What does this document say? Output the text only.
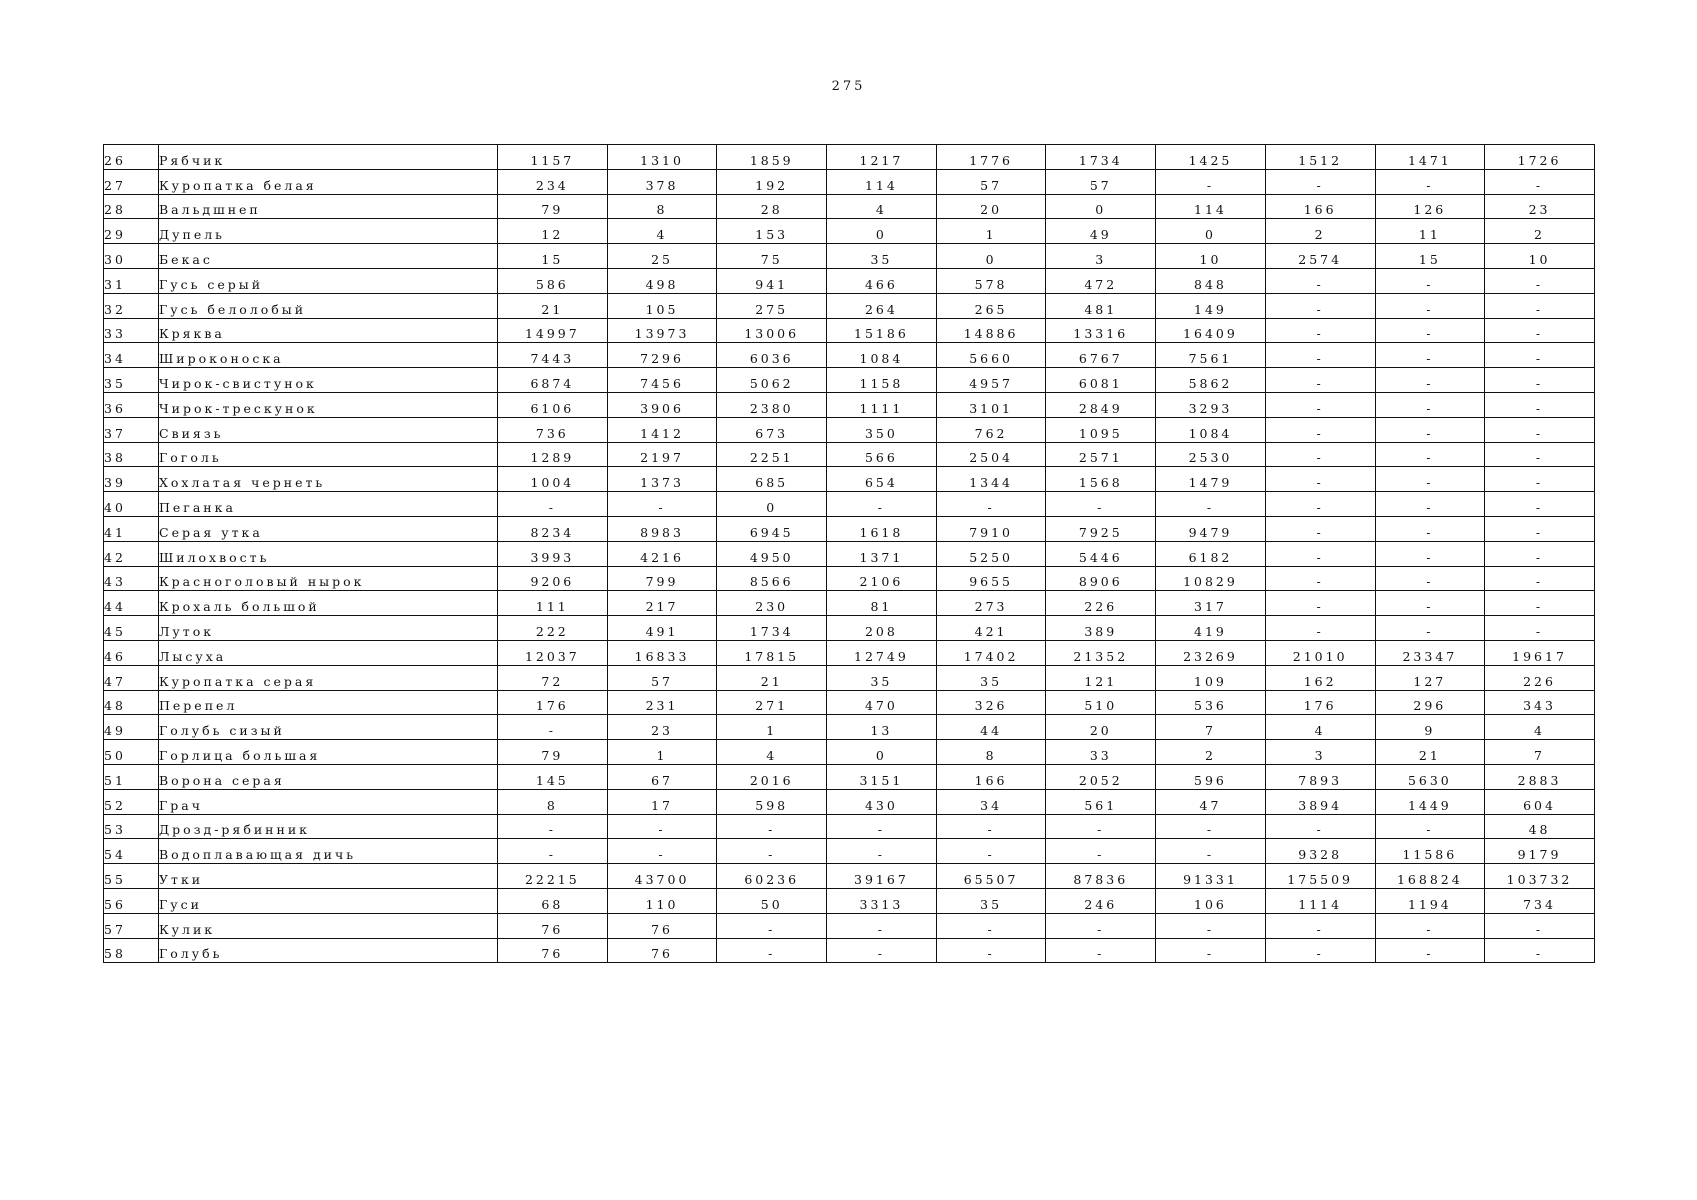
275
26	Рябчик	1157	1310	1859	1217	1776	1734	1425	1512	1471	1726
27	Куропатка белая	234	378	192	114	57	57	-	-	-	-
28	Вальдшнеп	79	8	28	4	20	0	114	166	126	23
29	Дупель	12	4	153	0	1	49	0	2	11	2
30	Бекас	15	25	75	35	0	3	10	2574	15	10
31	Гусь серый	586	498	941	466	578	472	848	-	-	-
32	Гусь белолобый	21	105	275	264	265	481	149	-	-	-
33	Кряква	14997	13973	13006	15186	14886	13316	16409	-	-	-
34	Широконоска	7443	7296	6036	1084	5660	6767	7561	-	-	-
35	Чирок-свистунок	6874	7456	5062	1158	4957	6081	5862	-	-	-
36	Чирок-трескунок	6106	3906	2380	1111	3101	2849	3293	-	-	-
37	Свиязь	736	1412	673	350	762	1095	1084	-	-	-
38	Гоголь	1289	2197	2251	566	2504	2571	2530	-	-	-
39	Хохлатая чернеть	1004	1373	685	654	1344	1568	1479	-	-	-
40	Пеганка	-	-	0	-	-	-	-	-	-	-
41	Серая утка	8234	8983	6945	1618	7910	7925	9479	-	-	-
42	Шилохвость	3993	4216	4950	1371	5250	5446	6182	-	-	-
43	Красноголовый нырок	9206	799	8566	2106	9655	8906	10829	-	-	-
44	Крохаль большой	111	217	230	81	273	226	317	-	-	-
45	Луток	222	491	1734	208	421	389	419	-	-	-
46	Лысуха	12037	16833	17815	12749	17402	21352	23269	21010	23347	19617
47	Куропатка серая	72	57	21	35	35	121	109	162	127	226
48	Перепел	176	231	271	470	326	510	536	176	296	343
49	Голубь сизый	-	23	1	13	44	20	7	4	9	4
50	Горлица большая	79	1	4	0	8	33	2	3	21	7
51	Ворона серая	145	67	2016	3151	166	2052	596	7893	5630	2883
52	Грач	8	17	598	430	34	561	47	3894	1449	604
53	Дрозд-рябинник	-	-	-	-	-	-	-	-	-	48
54	Водоплавающая дичь	-	-	-	-	-	-	-	9328	11586	9179
55	Утки	22215	43700	60236	39167	65507	87836	91331	175509	168824	103732
56	Гуси	68	110	50	3313	35	246	106	1114	1194	734
57	Кулик	76	76	-	-	-	-	-	-	-	-
58	Голубь	76	76	-	-	-	-	-	-	-	-
